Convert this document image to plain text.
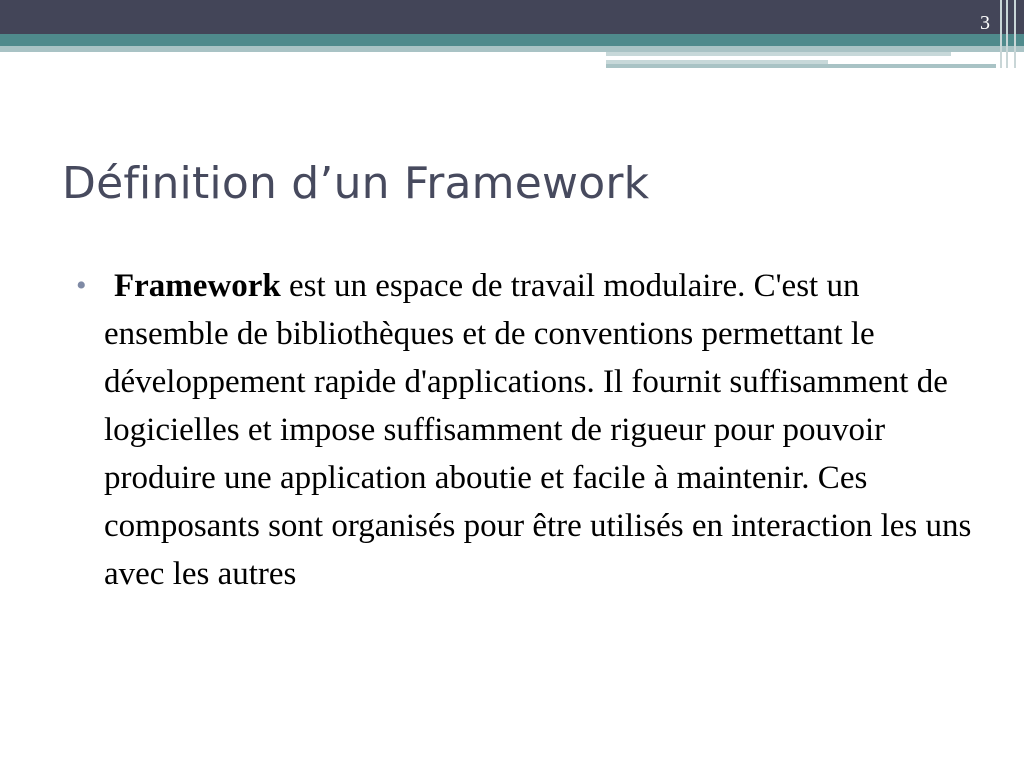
3
Définition d’un Framework
• Framework est un espace de travail modulaire. C'est un ensemble de bibliothèques et de conventions permettant le développement rapide d'applications. Il fournit suffisamment de logicielles et impose suffisamment de rigueur pour pouvoir produire une application aboutie et facile à maintenir. Ces composants sont organisés pour être utilisés en interaction les uns avec les autres
